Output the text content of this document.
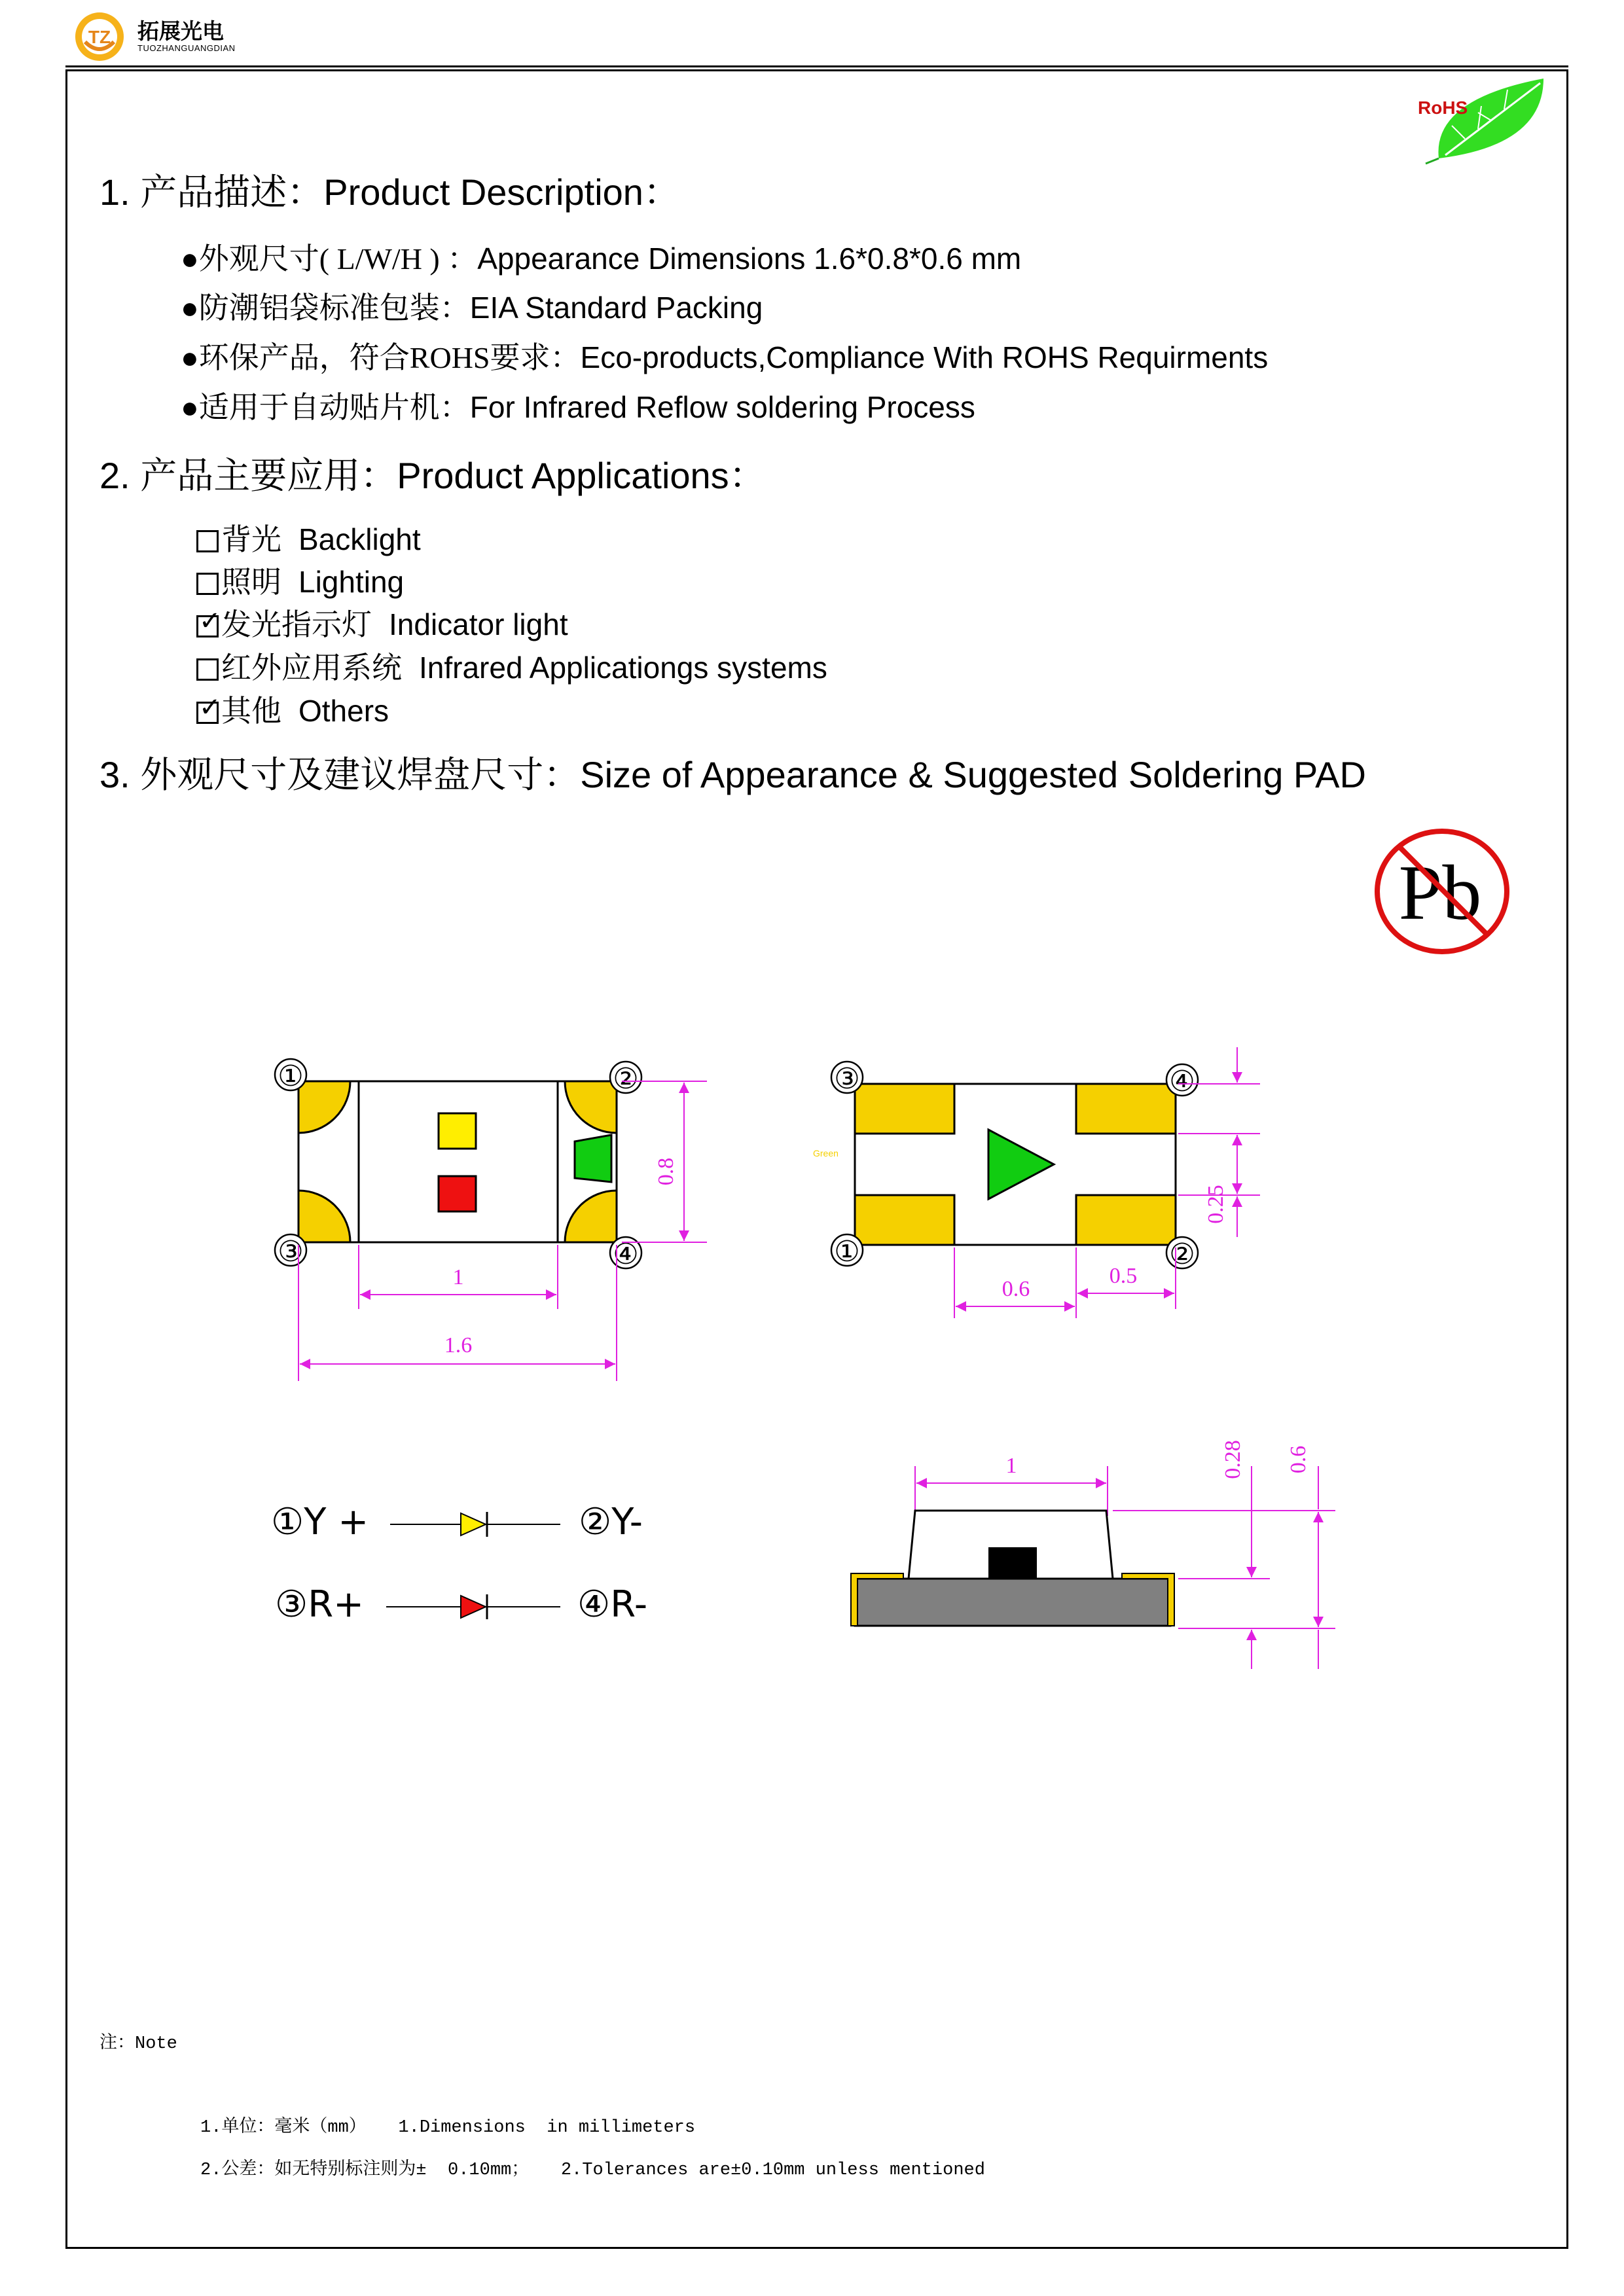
TZ 拓展光电
TUOZHANGUANGDIAN
RoHS
1. 产品描述：Product Description：
●外观尺寸( L/W/H ) ：Appearance Dimensions 1.6*0.8*0.6 mm
●防潮铝袋标准包装：EIA Standard Packing
●环保产品，符合ROHS要求：Eco-products,Compliance With ROHS Requirments
●适用于自动贴片机：For Infrared Reflow soldering Process
2. 产品主要应用：Product Applications：
背光 Backlight
照明 Lighting
✓ 发光指示灯 Indicator light
红外应用系统 Infrared Applicationgs systems
✓ 其他 Others
3. 外观尺寸及建议焊盘尺寸：Size of Appearance & Suggested Soldering PAD
Pb
①	②
③	④
0.8
1
1.6
Green
③	④
①	②
0.25
0.6
0.5
①Y +	②Y-
③R+	④R-
1	0.28 0.6
注：Note
1.单位：毫米（mm）   1.Dimensions  in millimeters
2.公差：如无特别标注则为±  0.10mm；   2.Tolerances are±0.10mm unless mentioned
